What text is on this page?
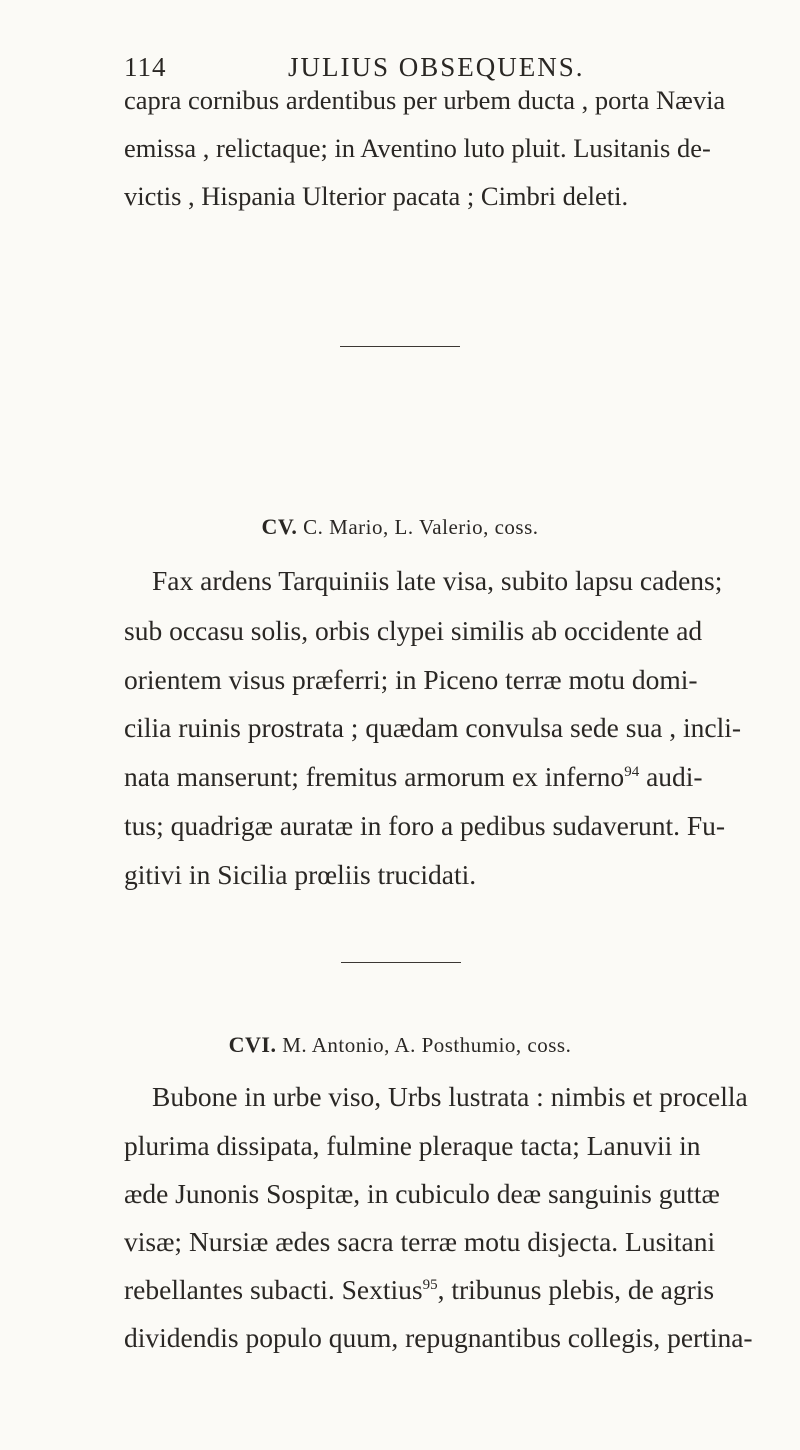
114	JULIUS OBSEQUENS.
capra cornibus ardentibus per urbem ducta , porta Nævia
emissa , relictaque; in Aventino luto pluit. Lusitanis de-
victis , Hispania Ulterior pacata ; Cimbri deleti.
CV. C. Mario, L. Valerio, coss.
Fax ardens Tarquiniis late visa, subito lapsu cadens;
sub occasu solis, orbis clypei similis ab occidente ad
orientem visus præferri; in Piceno terræ motu domi-
cilia ruinis prostrata ; quædam convulsa sede sua , incli-
nata manserunt; fremitus armorum ex inferno $^{94}$ audi-
tus; quadrigæ auratæ in foro a pedibus sudaverunt. Fu-
gitivi in Sicilia prœliis trucidati.
CVI. M. Antonio, A. Posthumio, coss.
Bubone in urbe viso, Urbs lustrata : nimbis et procella
plurima dissipata, fulmine pleraque tacta; Lanuvii in
æde Junonis Sospitæ, in cubiculo deæ sanguinis guttæ
visæ; Nursiæ ædes sacra terræ motu disjecta. Lusitani
rebellantes subacti. Sextius$^{95}$ , tribunus plebis, de agris
dividendis populo quum, repugnantibus collegis, pertina-
